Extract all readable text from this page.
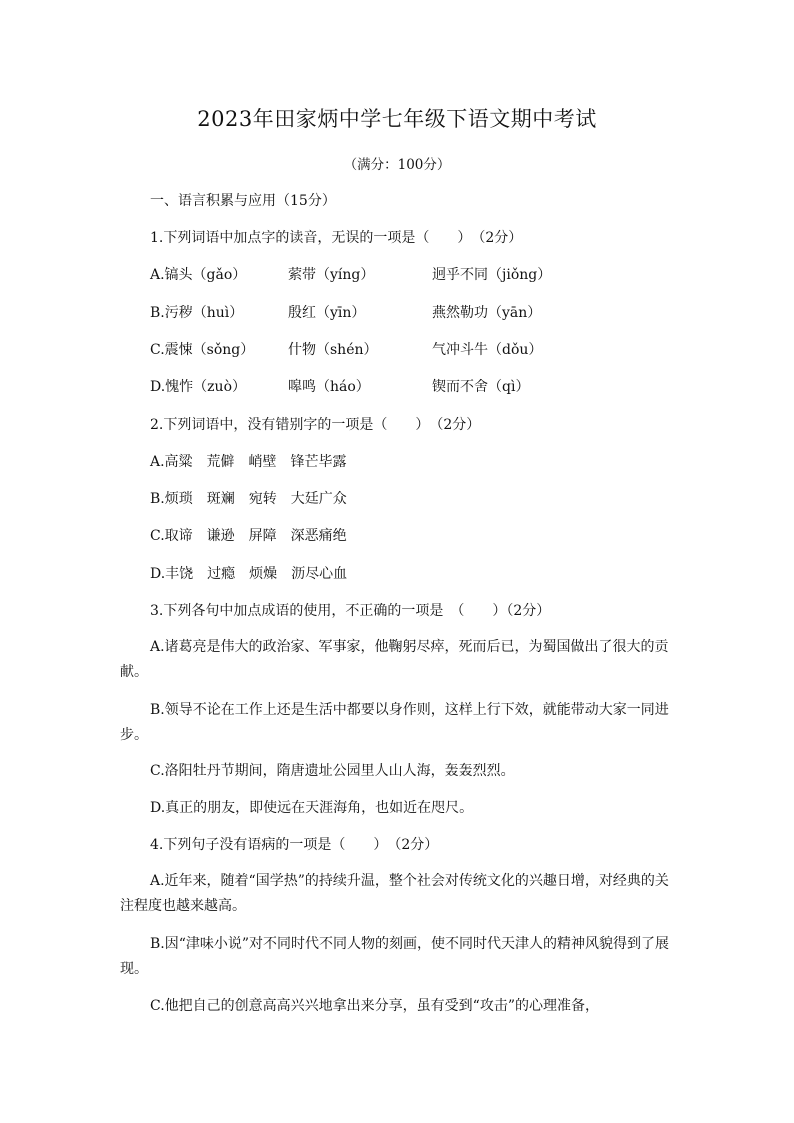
2023年田家炳中学七年级下语文期中考试
（满分：100分）
一、语言积累与应用（15分）
1.下列词语中加点字的读音，无误的一项是（　　）　（2分）
A.镐头（gǎo）	萦带（yíng）	迥乎不同（jiǒng）
B.污秽（huì）	殷红（yīn）	燕然勒功（yān）
C.震悚（sǒng） 什物（shén）	气冲斗牛（dǒu）
D.愧怍（zuò）	嗥鸣（háo）	锲而不舍（qì）
2.下列词语中，没有错别字的一项是（　　）　（2分）
A.高粱　荒僻　峭壁　锋芒毕露
B.烦琐　斑斓　宛转　大廷广众
C.取谛　谦逊　屏障　深恶痛绝
D.丰饶　过瘾　烦燥　沥尽心血
3.下列各句中加点成语的使用，不正确的一项是　（　　）（2分）
A.诸葛亮是伟大的政治家、军事家，他鞠躬尽瘁，死而后已，为蜀国做出了很大的贡献。
B.领导不论在工作上还是生活中都要以身作则，这样上行下效，就能带动大家一同进步。
C.洛阳牡丹节期间，隋唐遗址公园里人山人海，轰轰烈烈。
D.真正的朋友，即使远在天涯海角，也如近在咫尺。
4.下列句子没有语病的一项是（　　）　（2分）
A.近年来，随着“国学热”的持续升温，整个社会对传统文化的兴趣日增，对经典的关注程度也越来越高。
B.因“津味小说”对不同时代不同人物的刻画，使不同时代天津人的精神风貌得到了展现。
C.他把自己的创意高高兴兴地拿出来分享，虽有受到“攻击”的心理准备，
